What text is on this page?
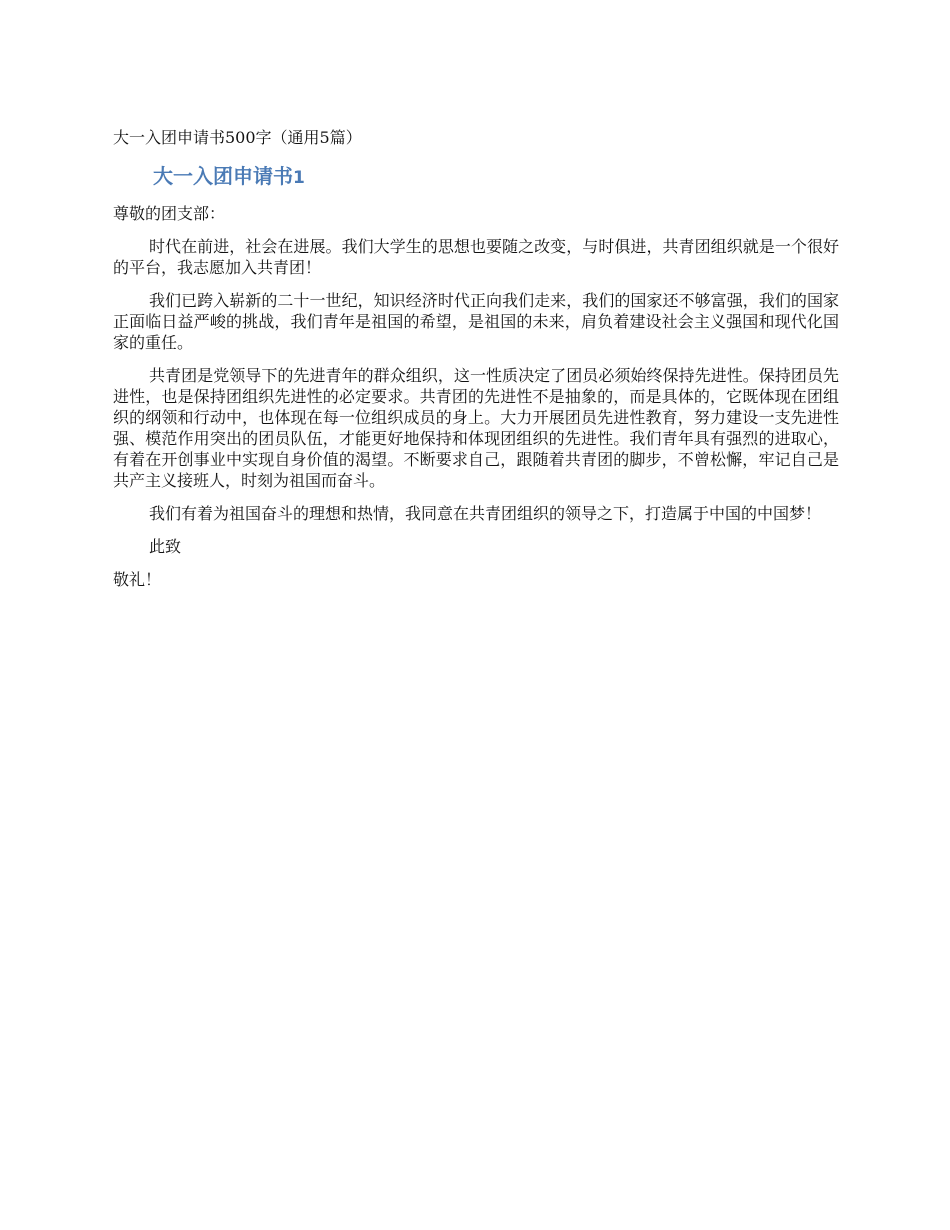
大一入团申请书500字（通用5篇）
大一入团申请书1

尊敬的团支部：

时代在前进，社会在进展。我们大学生的思想也要随之改变，与时俱进，共青团组织就是一个很好的平台，我志愿加入共青团！

我们已跨入崭新的二十一世纪，知识经济时代正向我们走来，我们的国家还不够富强，我们的国家正面临日益严峻的挑战，我们青年是祖国的希望，是祖国的未来，肩负着建设社会主义强国和现代化国家的重任。

共青团是党领导下的先进青年的群众组织，这一性质决定了团员必须始终保持先进性。保持团员先进性，也是保持团组织先进性的必定要求。共青团的先进性不是抽象的，而是具体的，它既体现在团组织的纲领和行动中，也体现在每一位组织成员的身上。大力开展团员先进性教育，努力建设一支先进性强、模范作用突出的团员队伍，才能更好地保持和体现团组织的先进性。我们青年具有强烈的进取心，有着在开创事业中实现自身价值的渴望。不断要求自己，跟随着共青团的脚步，不曾松懈，牢记自己是共产主义接班人，时刻为祖国而奋斗。

我们有着为祖国奋斗的理想和热情，我同意在共青团组织的领导之下，打造属于中国的中国梦！

此致

敬礼！
